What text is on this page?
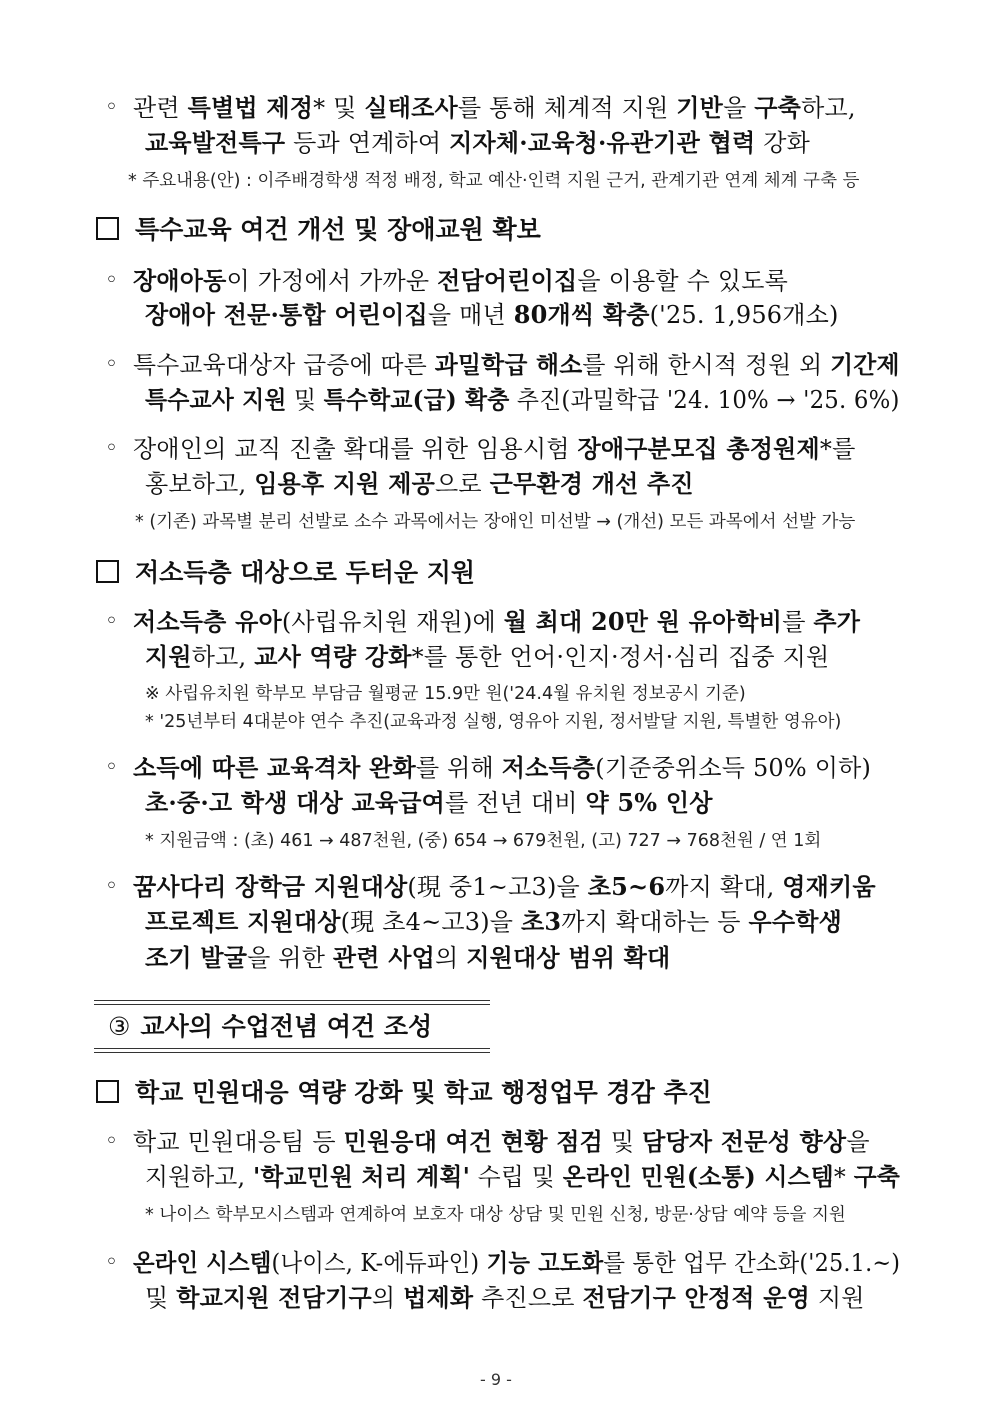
◦ 관련 특별법 제정* 및 실태조사를 통해 체계적 지원 기반을 구축하고,
교육발전특구 등과 연계하여 지자체·교육청·유관기관 협력 강화
* 주요내용(안) : 이주배경학생 적정 배정, 학교 예산·인력 지원 근거, 관계기관 연계 체계 구축 등
특수교육 여건 개선 및 장애교원 확보
◦ 장애아동이 가정에서 가까운 전담어린이집을 이용할 수 있도록
장애아 전문·통합 어린이집을 매년 80개씩 확충('25. 1,956개소)
◦ 특수교육대상자 급증에 따른 과밀학급 해소를 위해 한시적 정원 외 기간제
특수교사 지원 및 특수학교(급) 확충 추진(과밀학급 '24. 10% → '25. 6%)
◦ 장애인의 교직 진출 확대를 위한 임용시험 장애구분모집 총정원제*를
홍보하고, 임용후 지원 제공으로 근무환경 개선 추진
* (기존) 과목별 분리 선발로 소수 과목에서는 장애인 미선발 → (개선) 모든 과목에서 선발 가능
저소득층 대상으로 두터운 지원
◦ 저소득층 유아(사립유치원 재원)에 월 최대 20만 원 유아학비를 추가
지원하고, 교사 역량 강화*를 통한 언어·인지·정서·심리 집중 지원
※ 사립유치원 학부모 부담금 월평균 15.9만 원('24.4월 유치원 정보공시 기준)
* '25년부터 4대분야 연수 추진(교육과정 실행, 영유아 지원, 정서발달 지원, 특별한 영유아)
◦ 소득에 따른 교육격차 완화를 위해 저소득층(기준중위소득 50% 이하)
초·중·고 학생 대상 교육급여를 전년 대비 약 5% 인상
* 지원금액 : (초) 461 → 487천원, (중) 654 → 679천원, (고) 727 → 768천원 / 연 1회
◦ 꿈사다리 장학금 지원대상(現 중1~고3)을 초5~6까지 확대, 영재키움
프로젝트 지원대상(現 초4~고3)을 초3까지 확대하는 등 우수학생
조기 발굴을 위한 관련 사업의 지원대상 범위 확대
③ 교사의 수업전념 여건 조성
학교 민원대응 역량 강화 및 학교 행정업무 경감 추진
◦ 학교 민원대응팀 등 민원응대 여건 현황 점검 및 담당자 전문성 향상을
지원하고, '학교민원 처리 계획' 수립 및 온라인 민원(소통) 시스템* 구축
* 나이스 학부모시스템과 연계하여 보호자 대상 상담 및 민원 신청, 방문·상담 예약 등을 지원
◦ 온라인 시스템(나이스, K-에듀파인) 기능 고도화를 통한 업무 간소화('25.1.~)
및 학교지원 전담기구의 법제화 추진으로 전담기구 안정적 운영 지원
- 9 -
